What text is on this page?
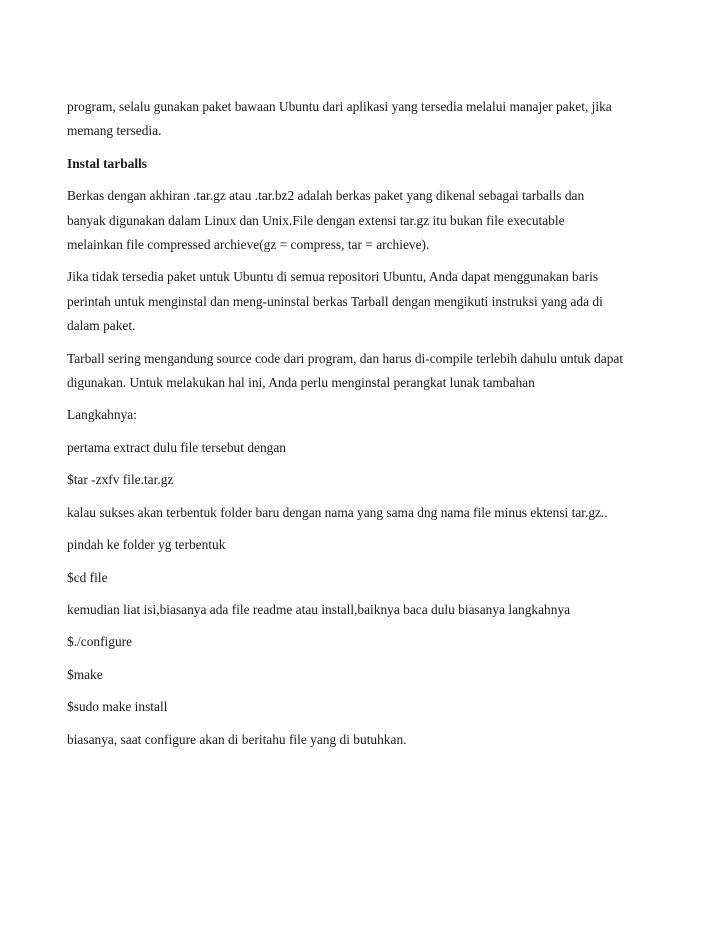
program, selalu gunakan paket bawaan Ubuntu dari aplikasi yang tersedia melalui manajer paket, jika
memang tersedia.

Instal tarballs

Berkas dengan akhiran .tar.gz atau .tar.bz2 adalah berkas paket yang dikenal sebagai tarballs dan
banyak digunakan dalam Linux dan Unix.File dengan extensi tar.gz itu bukan file executable
melainkan file compressed archieve(gz = compress, tar = archieve).

Jika tidak tersedia paket untuk Ubuntu di semua repositori Ubuntu, Anda dapat menggunakan baris
perintah untuk menginstal dan meng-uninstal berkas Tarball dengan mengikuti instruksi yang ada di
dalam paket.

Tarball sering mengandung source code dari program, dan harus di-compile terlebih dahulu untuk dapat
digunakan. Untuk melakukan hal ini, Anda perlu menginstal perangkat lunak tambahan

Langkahnya:

pertama extract dulu file tersebut dengan

$tar -zxfv file.tar.gz

kalau sukses akan terbentuk folder baru dengan nama yang sama dng nama file minus ektensi tar.gz..

pindah ke folder yg terbentuk

$cd file

kemudian liat isi,biasanya ada file readme atau install,baiknya baca dulu biasanya langkahnya

$./configure

$make

$sudo make install

biasanya, saat configure akan di beritahu file yang di butuhkan.
